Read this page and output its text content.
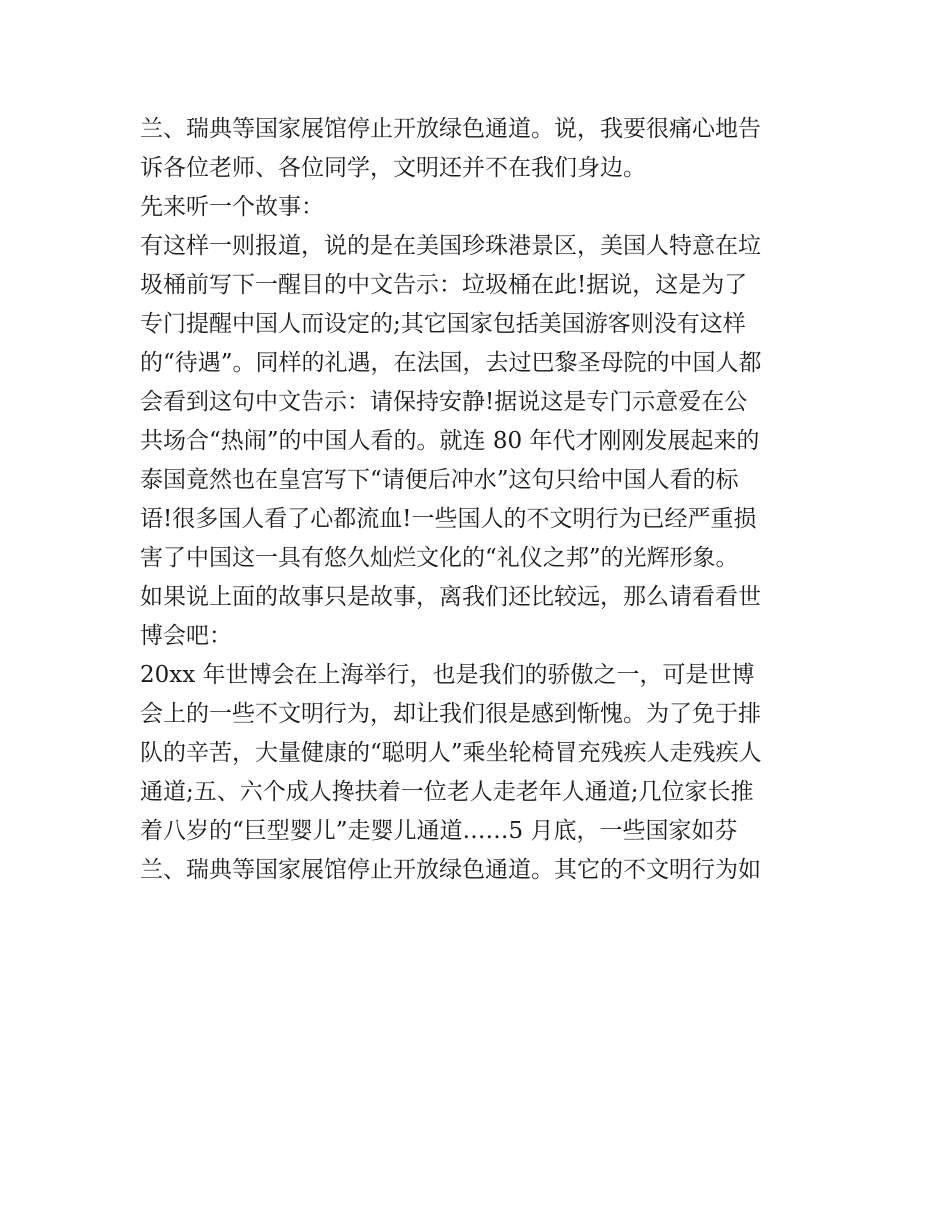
兰、瑞典等国家展馆停止开放绿色通道。说，我要很痛心地告
诉各位老师、各位同学，文明还并不在我们身边。
先来听一个故事：
有这样一则报道，说的是在美国珍珠港景区，美国人特意在垃
圾桶前写下一醒目的中文告示：垃圾桶在此!据说，这是为了
专门提醒中国人而设定的;其它国家包括美国游客则没有这样
的“待遇”。同样的礼遇，在法国，去过巴黎圣母院的中国人都
会看到这句中文告示：请保持安静!据说这是专门示意爱在公
共场合“热闹”的中国人看的。就连 80 年代才刚刚发展起来的
泰国竟然也在皇宫写下“请便后冲水”这句只给中国人看的标
语!很多国人看了心都流血!一些国人的不文明行为已经严重损
害了中国这一具有悠久灿烂文化的“礼仪之邦”的光辉形象。
如果说上面的故事只是故事，离我们还比较远，那么请看看世
博会吧：
20xx 年世博会在上海举行，也是我们的骄傲之一，可是世博
会上的一些不文明行为，却让我们很是感到惭愧。为了免于排
队的辛苦，大量健康的“聪明人”乘坐轮椅冒充残疾人走残疾人
通道;五、六个成人搀扶着一位老人走老年人通道;几位家长推
着八岁的“巨型婴儿”走婴儿通道……5 月底，一些国家如芬
兰、瑞典等国家展馆停止开放绿色通道。其它的不文明行为如
